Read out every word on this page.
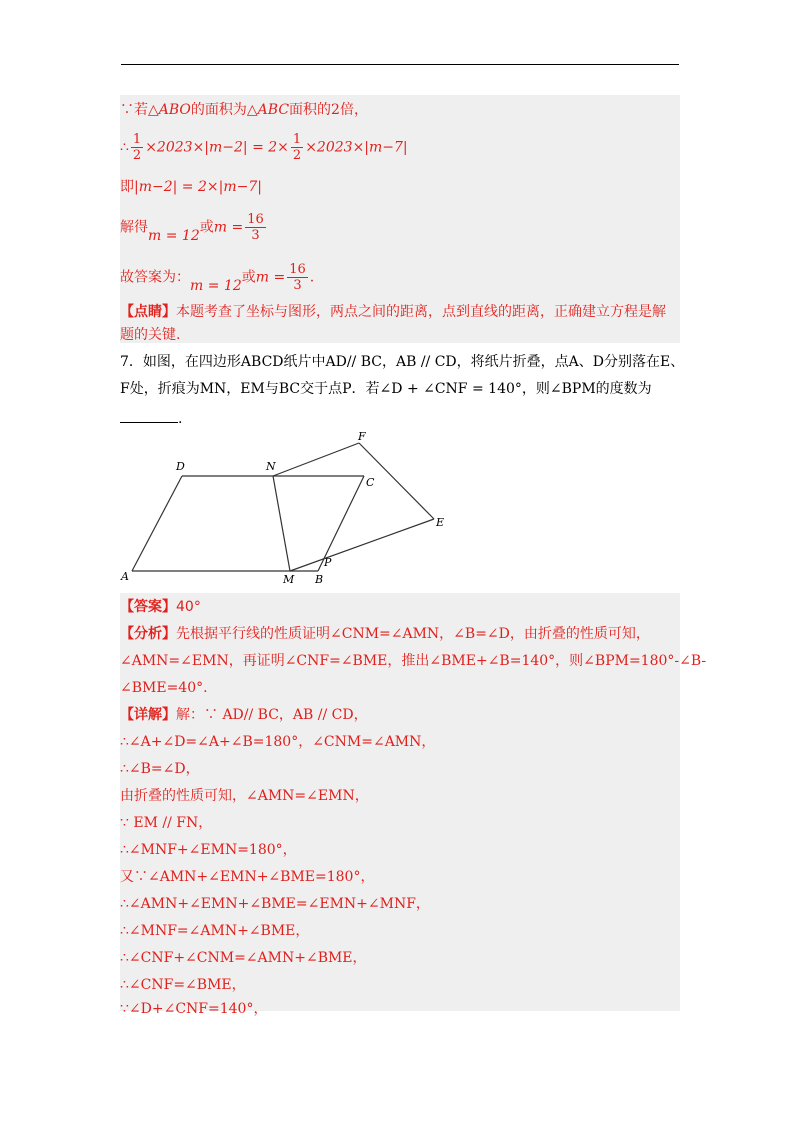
∵若△ABO的面积为△ABC面积的2倍，
∴ $\frac{1}{2} \times 2023\times|m-2| = 2\times \frac{1}{2} \times 2023\times|m-7|$
即|m−2| = 2×|m−7|
解得m = 12或$m = \frac{16}{3}$
故答案为：m = 12或$m = \frac{16}{3}$ .
【点睛】本题考查了坐标与图形，两点之间的距离，点到直线的距离，正确建立方程是解
题的关键.
7．如图，在四边形ABCD纸片中AD// BC，AB // CD，将纸片折叠，点A、D分别落在E、
F处，折痕为MN，EM与BC交于点P．若∠D + ∠CNF = 140°，则∠BPM的度数为
.
D	N
F
C
E
A	M B
P
【答案】40°
【分析】先根据平行线的性质证明∠CNM=∠AMN，∠B=∠D，由折叠的性质可知，
∠AMN=∠EMN，再证明∠CNF=∠BME，推出∠BME+∠B=140°，则∠BPM=180°-∠B-
∠BME=40°.
【详解】解：∵ AD// BC，AB // CD，
∴∠A+∠D=∠A+∠B=180°，∠CNM=∠AMN，
∴∠B=∠D，
由折叠的性质可知，∠AMN=∠EMN，
∵ EM // FN，
∴∠MNF+∠EMN=180°，
又∵∠AMN+∠EMN+∠BME=180°，
∴∠AMN+∠EMN+∠BME=∠EMN+∠MNF，
∴∠MNF=∠AMN+∠BME，
∴∠CNF+∠CNM=∠AMN+∠BME，
∴∠CNF=∠BME，
∵∠D+∠CNF=140°，
